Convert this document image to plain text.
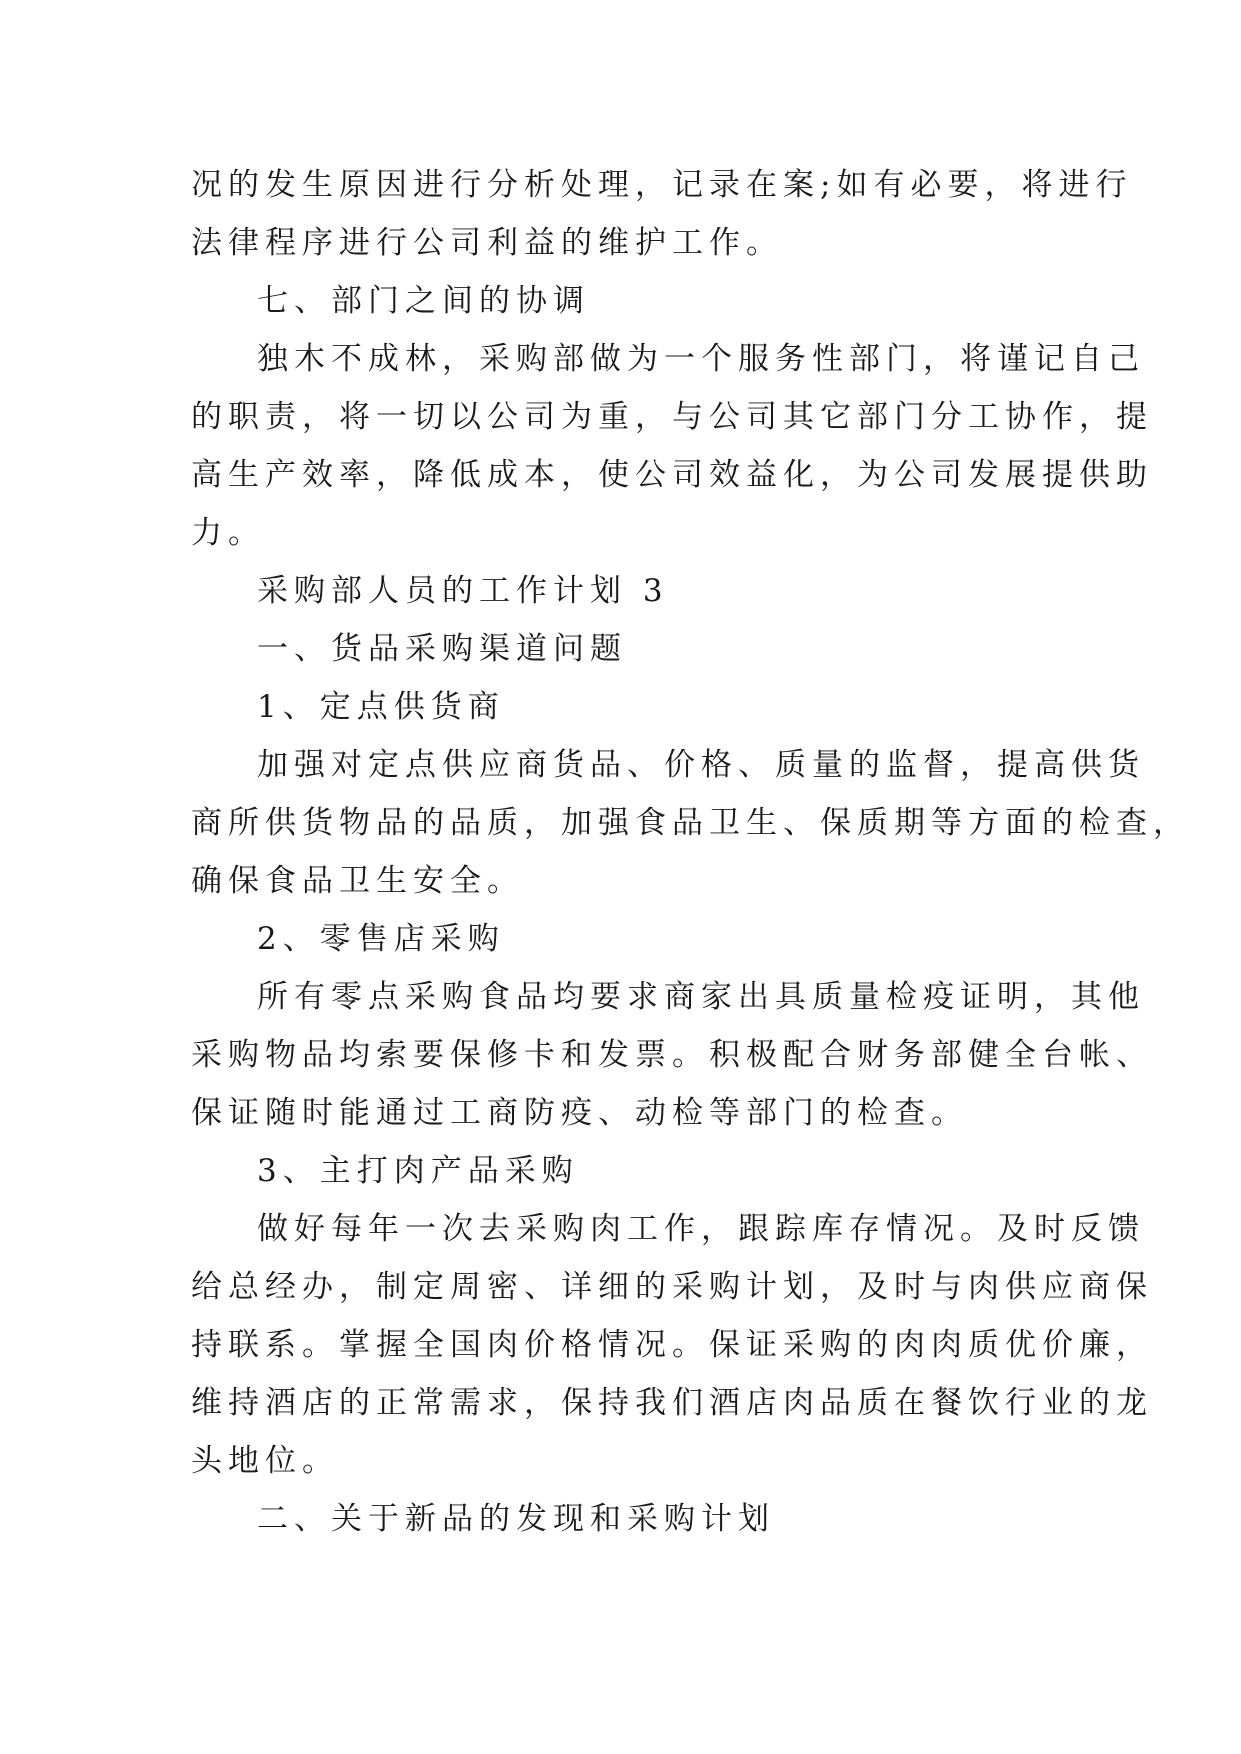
况的发生原因进行分析处理，记录在案;如有必要，将进行
法律程序进行公司利益的维护工作。
七、部门之间的协调
独木不成林，采购部做为一个服务性部门，将谨记自己
的职责，将一切以公司为重，与公司其它部门分工协作，提
高生产效率，降低成本，使公司效益化，为公司发展提供助
力。
采购部人员的工作计划 3
一、货品采购渠道问题
1、定点供货商
加强对定点供应商货品、价格、质量的监督，提高供货
商所供货物品的品质，加强食品卫生、保质期等方面的检查，
确保食品卫生安全。
2、零售店采购
所有零点采购食品均要求商家出具质量检疫证明，其他
采购物品均索要保修卡和发票。积极配合财务部健全台帐、
保证随时能通过工商防疫、动检等部门的检查。
3、主打肉产品采购
做好每年一次去采购肉工作，跟踪库存情况。及时反馈
给总经办，制定周密、详细的采购计划，及时与肉供应商保
持联系。掌握全国肉价格情况。保证采购的肉肉质优价廉，
维持酒店的正常需求，保持我们酒店肉品质在餐饮行业的龙
头地位。
二、关于新品的发现和采购计划
